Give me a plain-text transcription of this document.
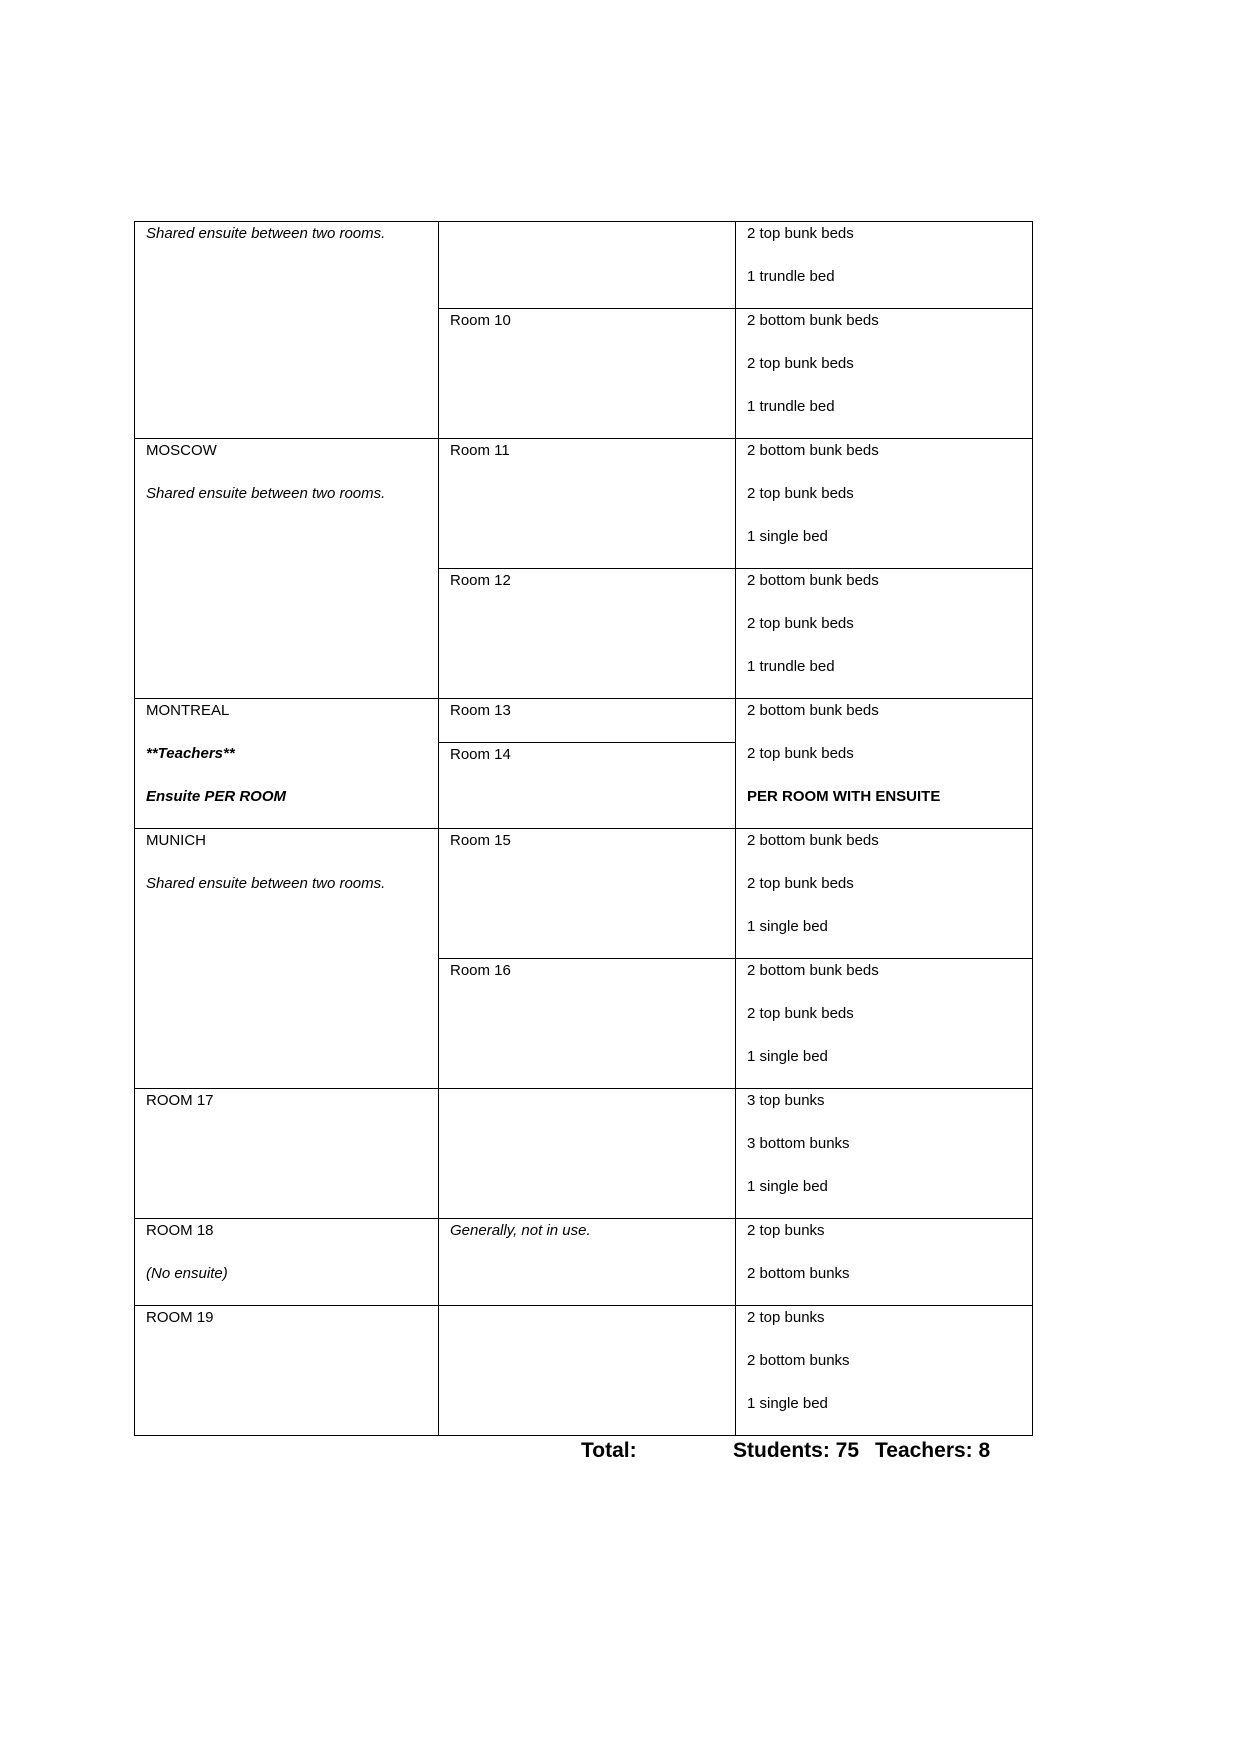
Shared ensuite between two rooms.		2 top bunk beds
1 trundle bed

	Room 10	2 bottom bunk beds
2 top bunk beds
1 trundle bed

MOSCOW
Shared ensuite between two rooms.	Room 11	2 bottom bunk beds
2 top bunk beds
1 single bed

	Room 12	2 bottom bunk beds
2 top bunk beds
1 trundle bed

MONTREAL
**Teachers**
Ensuite PER ROOM	Room 13	2 bottom bunk beds
2 top bunk beds
PER ROOM WITH ENSUITE

	Room 14	

MUNICH
Shared ensuite between two rooms.	Room 15	2 bottom bunk beds
2 top bunk beds
1 single bed

	Room 16	2 bottom bunk beds
2 top bunk beds
1 single bed

ROOM 17		3 top bunks
3 bottom bunks
1 single bed

ROOM 18
(No ensuite)	Generally, not in use.	2 top bunks
2 bottom bunks

ROOM 19		2 top bunks
2 bottom bunks
1 single bed
Total:	Students: 75 Teachers: 8
